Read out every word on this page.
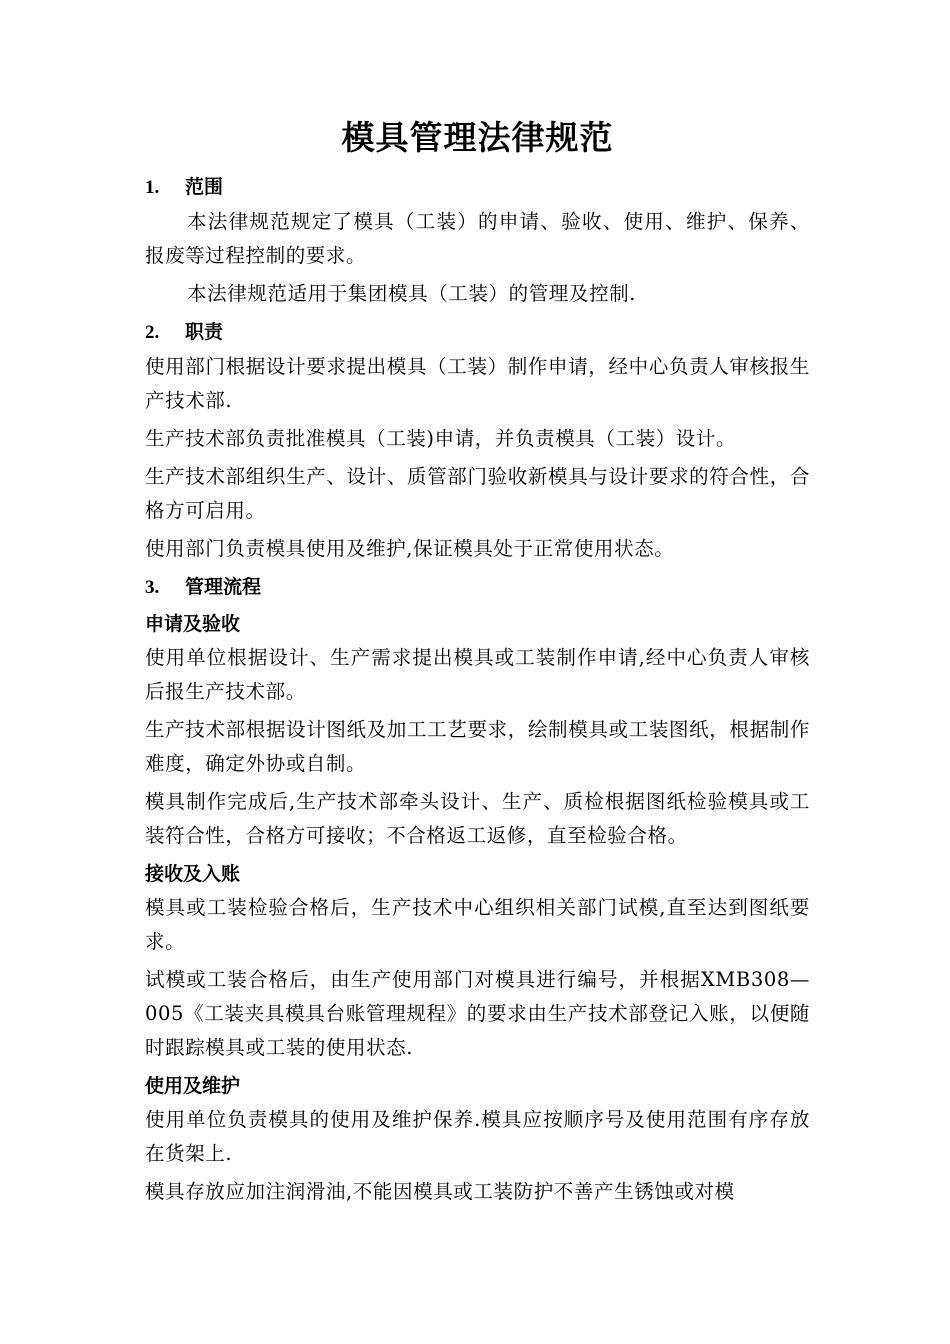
模具管理法律规范
1. 范围

本法律规范规定了模具（工装）的申请、验收、使用、维护、保养、报废等过程控制的要求。

本法律规范适用于集团模具（工装）的管理及控制.

2. 职责

使用部门根据设计要求提出模具（工装）制作申请，经中心负责人审核报生产技术部.

生产技术部负责批准模具（工装)申请，并负责模具（工装）设计。

生产技术部组织生产、设计、质管部门验收新模具与设计要求的符合性，合格方可启用。

使用部门负责模具使用及维护,保证模具处于正常使用状态。

3. 管理流程
申请及验收

使用单位根据设计、生产需求提出模具或工装制作申请,经中心负责人审核后报生产技术部。

生产技术部根据设计图纸及加工工艺要求，绘制模具或工装图纸，根据制作难度，确定外协或自制。

模具制作完成后,生产技术部牵头设计、生产、质检根据图纸检验模具或工装符合性，合格方可接收；不合格返工返修，直至检验合格。

接收及入账

模具或工装检验合格后，生产技术中心组织相关部门试模,直至达到图纸要求。

试模或工装合格后，由生产使用部门对模具进行编号，并根据XMB308—005《工装夹具模具台账管理规程》的要求由生产技术部登记入账，以便随时跟踪模具或工装的使用状态.

使用及维护

使用单位负责模具的使用及维护保养.模具应按顺序号及使用范围有序存放在货架上.

模具存放应加注润滑油,不能因模具或工装防护不善产生锈蚀或对模
